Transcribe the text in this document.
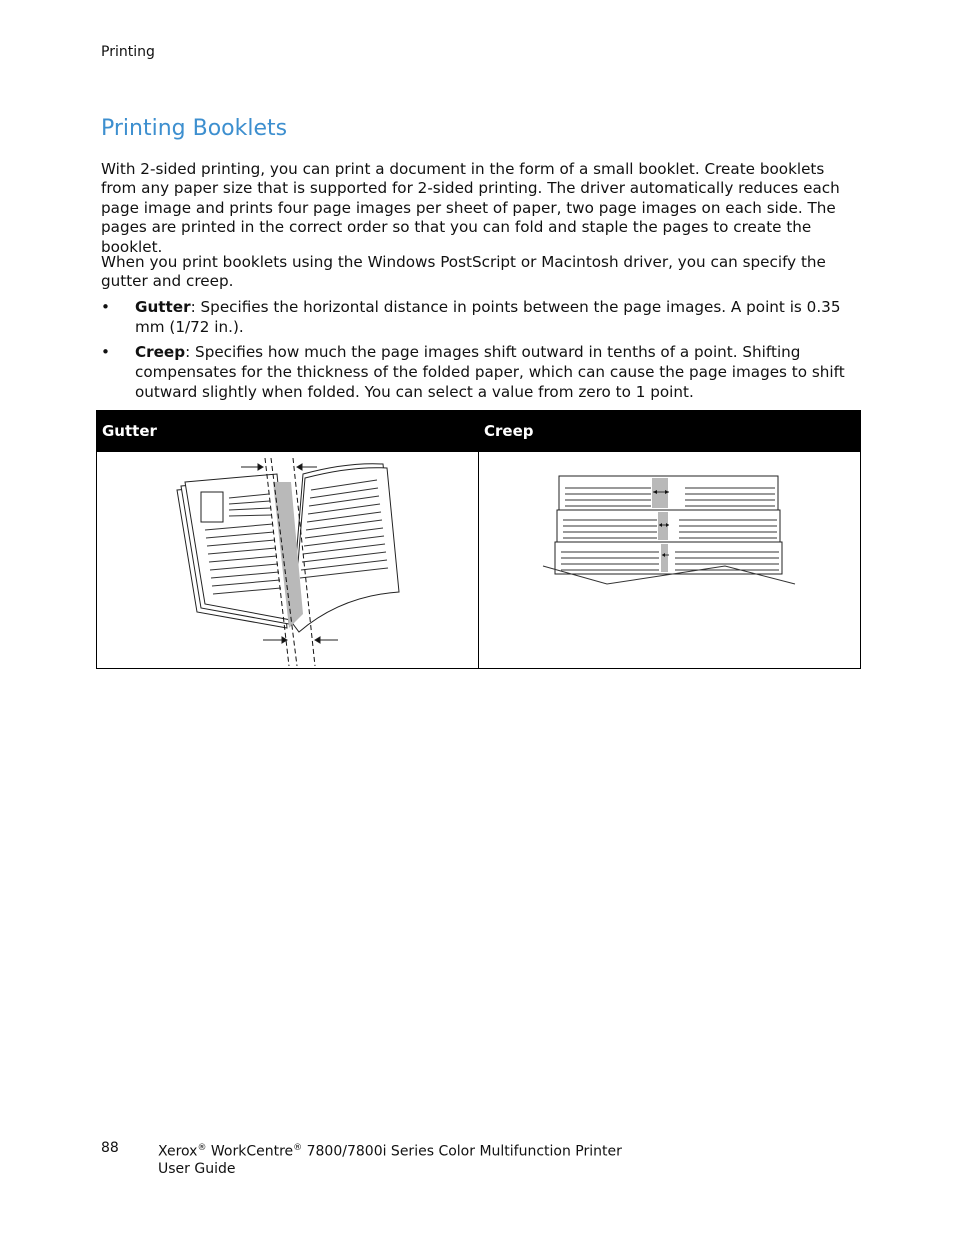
Printing
Printing Booklets

With 2-sided printing, you can print a document in the form of a small booklet. Create booklets from any paper size that is supported for 2-sided printing. The driver automatically reduces each page image and prints four page images per sheet of paper, two page images on each side. The pages are printed in the correct order so that you can fold and staple the pages to create the booklet.

When you print booklets using the Windows PostScript or Macintosh driver, you can specify the gutter and creep.

• Gutter: Specifies the horizontal distance in points between the page images. A point is 0.35 mm (1/72 in.).
• Creep: Specifies how much the page images shift outward in tenths of a point. Shifting compensates for the thickness of the folded paper, which can cause the page images to shift outward slightly when folded. You can select a value from zero to 1 point.
Gutter	Creep

88	Xerox® WorkCentre® 7800/7800i Series Color Multifunction Printer
User Guide
